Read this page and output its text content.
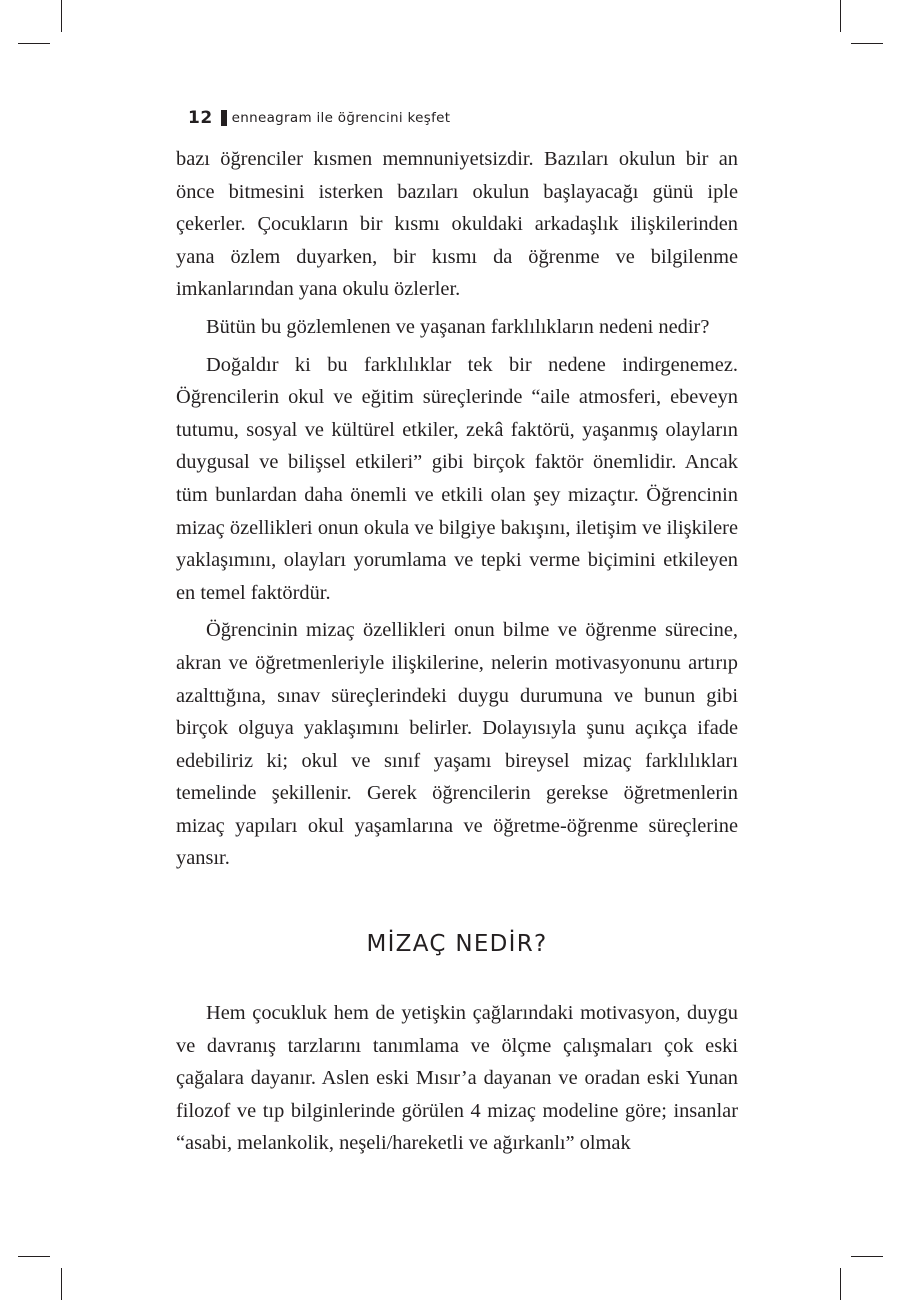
12 enneagram ile öğrencini keşfet

bazı öğrenciler kısmen memnuniyetsizdir. Bazıları okulun bir an önce bitmesini isterken bazıları okulun başlayacağı günü iple çekerler. Çocukların bir kısmı okuldaki arkadaşlık ilişkilerinden yana özlem duyarken, bir kısmı da öğrenme ve bilgilenme imkanlarından yana okulu özlerler.

Bütün bu gözlemlenen ve yaşanan farklılıkların nedeni nedir?

Doğaldır ki bu farklılıklar tek bir nedene indirgenemez. Öğrencilerin okul ve eğitim süreçlerinde “aile atmosferi, ebeveyn tutumu, sosyal ve kültürel etkiler, zekâ faktörü, yaşanmış olayların duygusal ve bilişsel etkileri” gibi birçok faktör önemlidir. Ancak tüm bunlardan daha önemli ve etkili olan şey mizaçtır. Öğrencinin mizaç özellikleri onun okula ve bilgiye bakışını, iletişim ve ilişkilere yaklaşımını, olayları yorumlama ve tepki verme biçimini etkileyen en temel faktördür.

Öğrencinin mizaç özellikleri onun bilme ve öğrenme sürecine, akran ve öğretmenleriyle ilişkilerine, nelerin motivasyonunu artırıp azalttığına, sınav süreçlerindeki duygu durumuna ve bunun gibi birçok olguya yaklaşımını belirler. Dolayısıyla şunu açıkça ifade edebiliriz ki; okul ve sınıf yaşamı bireysel mizaç farklılıkları temelinde şekillenir. Gerek öğrencilerin gerekse öğretmenlerin mizaç yapıları okul yaşamlarına ve öğretme-öğrenme süreçlerine yansır.

MİZAÇ NEDİR?

Hem çocukluk hem de yetişkin çağlarındaki motivasyon, duygu ve davranış tarzlarını tanımlama ve ölçme çalışmaları çok eski çağalara dayanır. Aslen eski Mısır’a dayanan ve oradan eski Yunan filozof ve tıp bilginlerinde görülen 4 mizaç modeline göre; insanlar “asabi, melankolik, neşeli/hareketli ve ağırkanlı” olmak
